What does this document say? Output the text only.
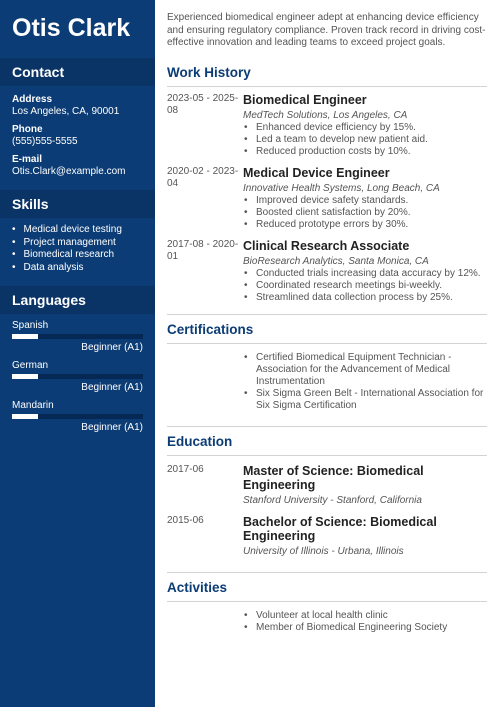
Otis Clark
Contact
Address
Los Angeles, CA, 90001
Phone
(555)555-5555
E-mail
Otis.Clark@example.com
Skills
• Medical device testing
• Project management
• Biomedical research
• Data analysis
Languages
Spanish
Beginner (A1)
German
Beginner (A1)
Mandarin
Beginner (A1)
Experienced biomedical engineer adept at enhancing device efficiency and ensuring regulatory compliance. Proven track record in driving cost-effective innovation and leading teams to exceed project goals.
Work History
2023-05 - 2025-08
Biomedical Engineer
MedTech Solutions, Los Angeles, CA
• Enhanced device efficiency by 15%.
• Led a team to develop new patient aid.
• Reduced production costs by 10%.
2020-02 - 2023-04
Medical Device Engineer
Innovative Health Systems, Long Beach, CA
• Improved device safety standards.
• Boosted client satisfaction by 20%.
• Reduced prototype errors by 30%.
2017-08 - 2020-01
Clinical Research Associate
BioResearch Analytics, Santa Monica, CA
• Conducted trials increasing data accuracy by 12%.
• Coordinated research meetings bi-weekly.
• Streamlined data collection process by 25%.
Certifications
• Certified Biomedical Equipment Technician - Association for the Advancement of Medical Instrumentation
• Six Sigma Green Belt - International Association for Six Sigma Certification
Education
2017-06	Master of Science: Biomedical Engineering
Stanford University - Stanford, California
2015-06	Bachelor of Science: Biomedical Engineering
University of Illinois - Urbana, Illinois
Activities
• Volunteer at local health clinic
• Member of Biomedical Engineering Society
